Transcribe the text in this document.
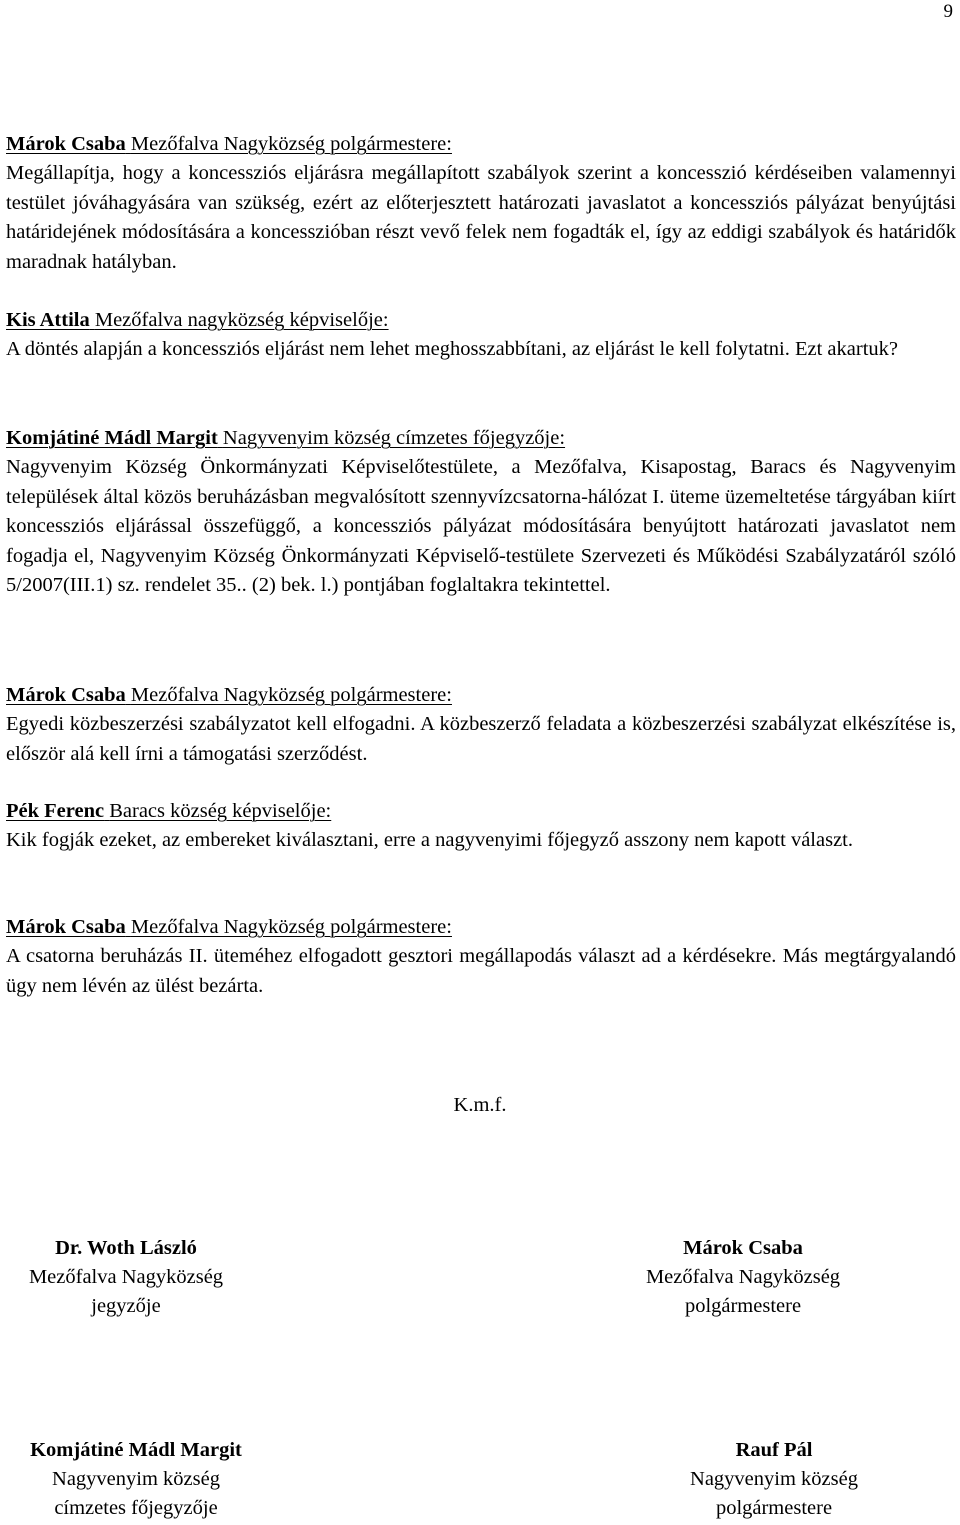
9

Márok Csaba Mezőfalva Nagyközség polgármestere:

Megállapítja, hogy a koncessziós eljárásra megállapított szabályok szerint a koncesszió kérdéseiben valamennyi testület jóváhagyására van szükség, ezért az előterjesztett határozati javaslatot a koncessziós pályázat benyújtási határidejének módosítására a koncesszióban részt vevő felek nem fogadták el, így az eddigi szabályok és határidők maradnak hatályban.

Kis Attila Mezőfalva nagyközség képviselője:

A döntés alapján a koncessziós eljárást nem lehet meghosszabbítani, az eljárást le kell folytatni. Ezt akartuk?

Komjátiné Mádl Margit Nagyvenyim község címzetes főjegyzője:

Nagyvenyim Község Önkormányzati Képviselőtestülete, a Mezőfalva, Kisapostag, Baracs és Nagyvenyim települések által közös beruházásban megvalósított szennyvízcsatorna-hálózat I. üteme üzemeltetése tárgyában kiírt koncessziós eljárással összefüggő, a koncessziós pályázat módosítására benyújtott határozati javaslatot nem fogadja el, Nagyvenyim Község Önkormányzati Képviselő-testülete Szervezeti és Működési Szabályzatáról szóló 5/2007(III.1) sz. rendelet 35.. (2) bek. l.) pontjában foglaltakra tekintettel.

Márok Csaba Mezőfalva Nagyközség polgármestere:

Egyedi közbeszerzési szabályzatot kell elfogadni. A közbeszerző feladata a közbeszerzési szabályzat elkészítése is, először alá kell írni a támogatási szerződést.

Pék Ferenc Baracs község képviselője:

Kik fogják ezeket, az embereket kiválasztani, erre a nagyvenyimi főjegyző asszony nem kapott választ.

Márok Csaba Mezőfalva Nagyközség polgármestere:

A csatorna beruházás II. üteméhez elfogadott gesztori megállapodás választ ad a kérdésekre. Más megtárgyalandó ügy nem lévén az ülést bezárta.

K.m.f.
Dr. Woth László
Mezőfalva Nagyközség
jegyzője
Márok Csaba
Mezőfalva Nagyközség
polgármestere
Komjátiné Mádl Margit
Nagyvenyim község
címzetes főjegyzője
Rauf Pál
Nagyvenyim község
polgármestere
